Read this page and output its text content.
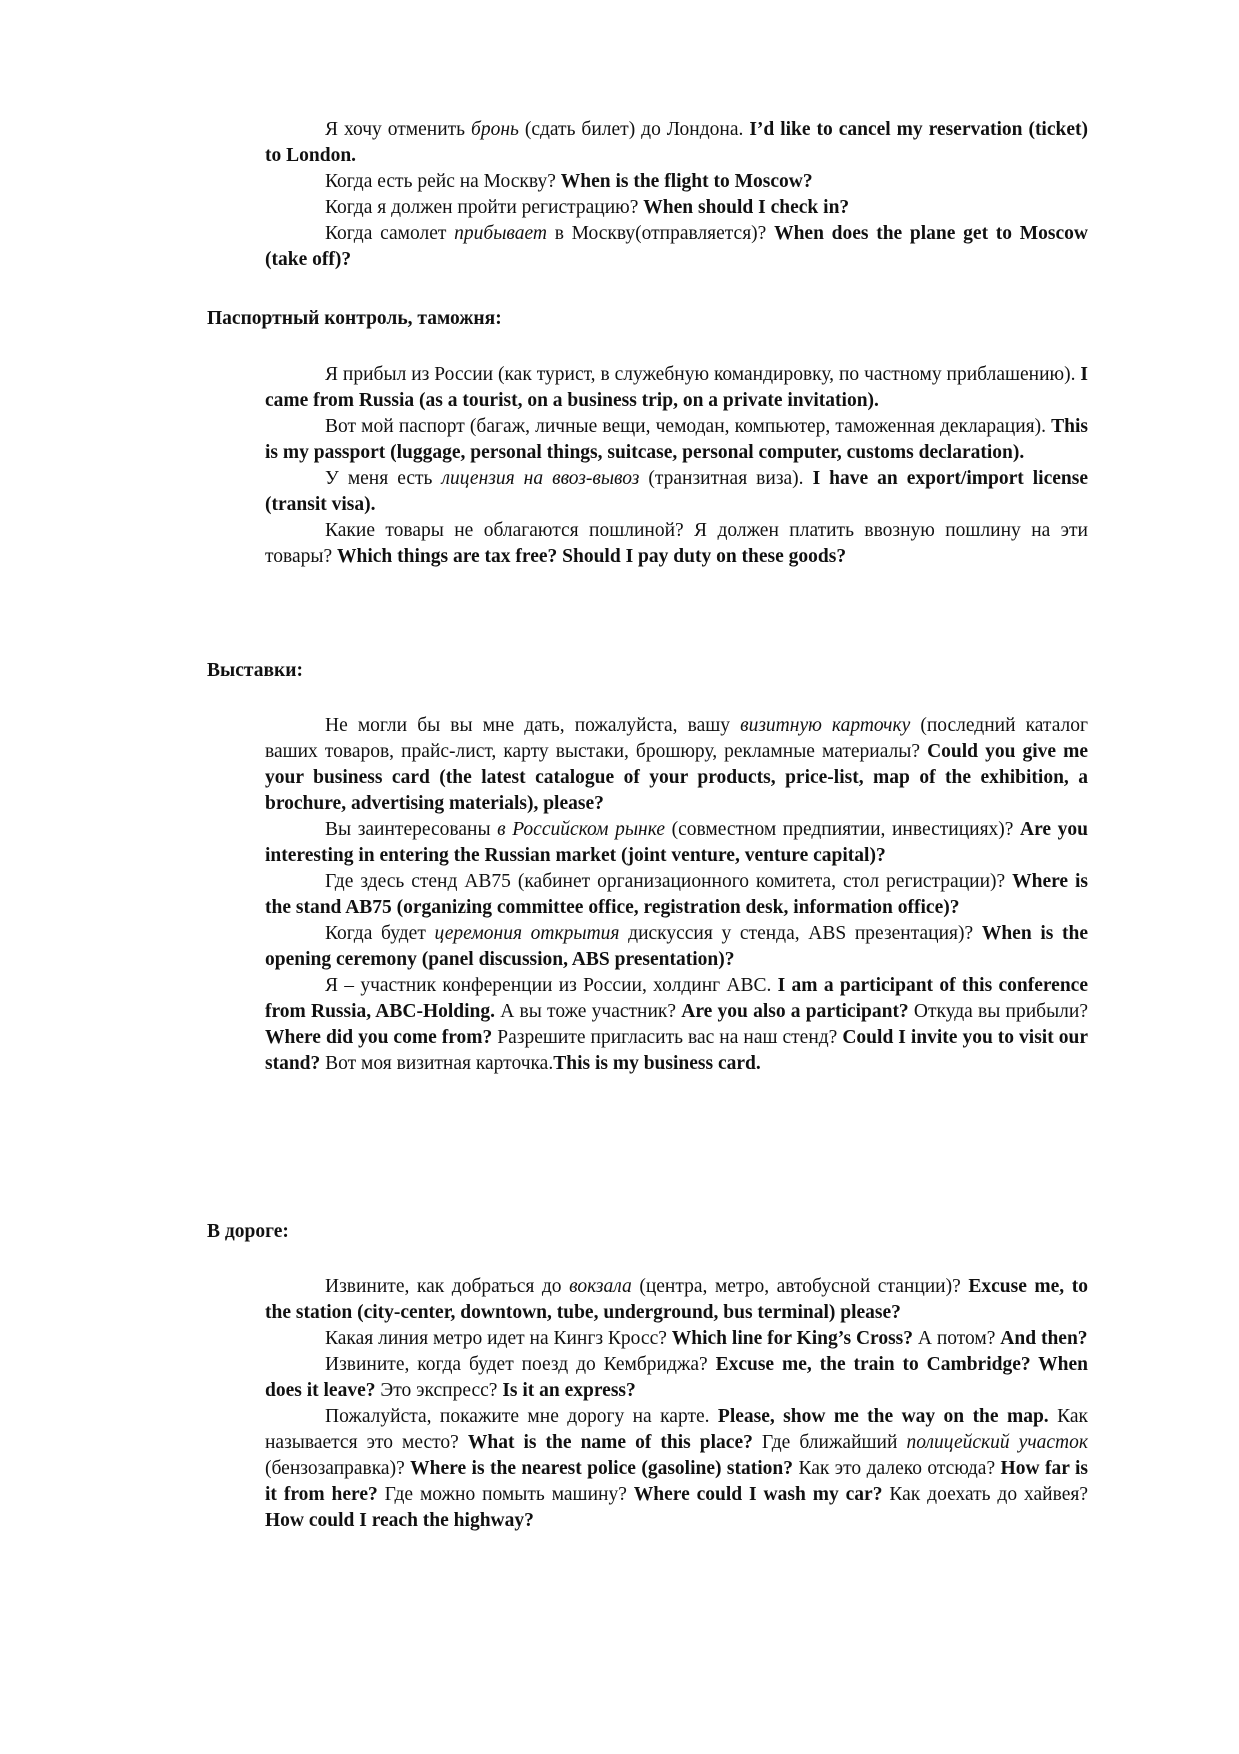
Я хочу отменить бронь (сдать билет) до Лондона. I’d like to cancel my reservation (ticket) to London.

Когда есть рейс на Москву? When is the flight to Moscow?

Когда я должен пройти регистрацию? When should I check in?

Когда самолет прибывает в Москву(отправляется)? When does the plane get to Moscow (take off)?

Паспортный контроль, таможня:

Я прибыл из России (как турист, в служебную командировку, по частному приблашению). I came from Russia (as a tourist, on a business trip, on a private invitation).

Вот мой паспорт (багаж, личные вещи, чемодан, компьютер, таможенная декларация). This is my passport (luggage, personal things, suitcase, personal computer, customs declaration).

У меня есть лицензия на ввоз-вывоз (транзитная виза). I have an export/import license (transit visa).

Какие товары не облагаются пошлиной? Я должен платить ввозную пошлину на эти товары? Which things are tax free? Should I pay duty on these goods?

Выставки:

Не могли бы вы мне дать, пожалуйста, вашу визитную карточку (последний каталог ваших товаров, прайс-лист, карту выстаки, брошюру, рекламные материалы? Could you give me your business card (the latest catalogue of your products, price-list, map of the exhibition, a brochure, advertising materials), please?

Вы заинтересованы в Российском рынке (совместном предпиятии, инвестициях)? Are you interesting in entering the Russian market (joint venture, venture capital)?

Где здесь стенд AB75 (кабинет организационного комитета, стол регистрации)? Where is the stand AB75 (organizing committee office, registration desk, information office)?

Когда будет церемония открытия дискуссия у стенда, ABS презентация)? When is the opening ceremony (panel discussion, ABS presentation)?

Я – участник конференции из России, холдинг ABC. I am a participant of this conference from Russia, ABC-Holding. А вы тоже участник? Are you also a participant? Откуда вы прибыли? Where did you come from? Разрешите пригласить вас на наш стенд? Could I invite you to visit our stand? Вот моя визитная карточка.This is my business card.

В дороге:

Извините, как добраться до вокзала (центра, метро, автобусной станции)? Excuse me, to the station (city-center, downtown, tube, underground, bus terminal) please?

Какая линия метро идет на Кингз Кросс? Which line for King’s Cross? А потом? And then?

Извините, когда будет поезд до Кембриджа? Excuse me, the train to Cambridge? When does it leave? Это экспресс? Is it an express?

Пожалуйста, покажите мне дорогу на карте. Please, show me the way on the map. Как называется это место? What is the name of this place? Где ближайший полицейский участок (бензозаправка)? Where is the nearest police (gasoline) station? Как это далеко отсюда? How far is it from here? Где можно помыть машину? Where could I wash my car? Как доехать до хайвея? How could I reach the highway?
